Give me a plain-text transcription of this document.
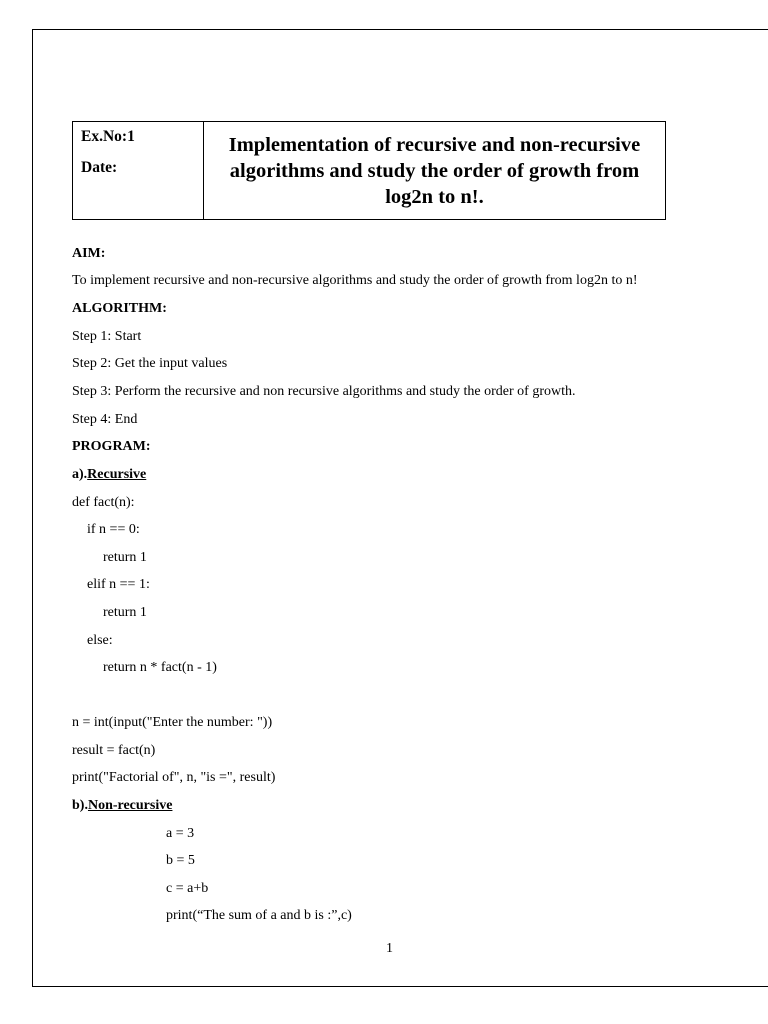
Ex.No:1
Date:
Implementation of recursive and non-recursive algorithms and study the order of growth from log2n to n!.
AIM:
To implement recursive and non-recursive algorithms and study the order of growth from log2n to n!
ALGORITHM:
Step 1: Start
Step 2: Get the input values
Step 3: Perform the recursive and non recursive algorithms and study the order of growth.
Step 4: End
PROGRAM:
a).Recursive
def fact(n):
if n == 0:
return 1
elif n == 1:
return 1
else:
return n * fact(n - 1)
n = int(input("Enter the number: "))
result = fact(n)
print("Factorial of", n, "is =", result)
b).Non-recursive
a = 3
b = 5
c = a+b
print(“The sum of a and b is :”,c)
1
